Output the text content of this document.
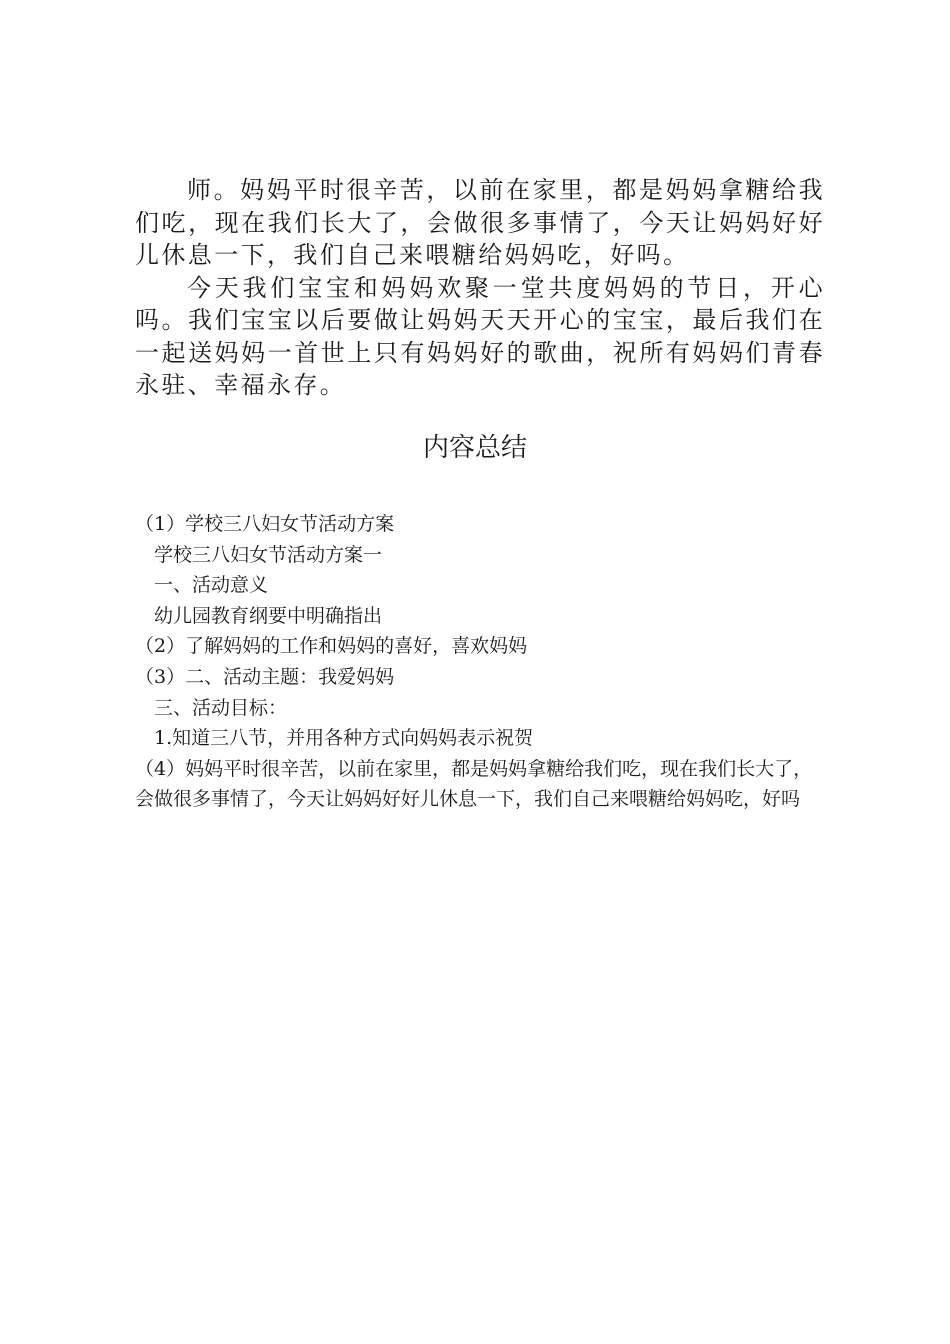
师。妈妈平时很辛苦，以前在家里，都是妈妈拿糖给我们吃，现在我们长大了，会做很多事情了，今天让妈妈好好儿休息一下，我们自己来喂糖给妈妈吃，好吗。

今天我们宝宝和妈妈欢聚一堂共度妈妈的节日，开心吗。我们宝宝以后要做让妈妈天天开心的宝宝，最后我们在一起送妈妈一首世上只有妈妈好的歌曲，祝所有妈妈们青春永驻、幸福永存。

内容总结
（1）学校三八妇女节活动方案
学校三八妇女节活动方案一
一、活动意义
幼儿园教育纲要中明确指出
（2）了解妈妈的工作和妈妈的喜好，喜欢妈妈
（3）二、活动主题：我爱妈妈
三、活动目标：
1.知道三八节，并用各种方式向妈妈表示祝贺
（4）妈妈平时很辛苦，以前在家里，都是妈妈拿糖给我们吃，现在我们长大了，会做很多事情了，今天让妈妈好好儿休息一下，我们自己来喂糖给妈妈吃，好吗
